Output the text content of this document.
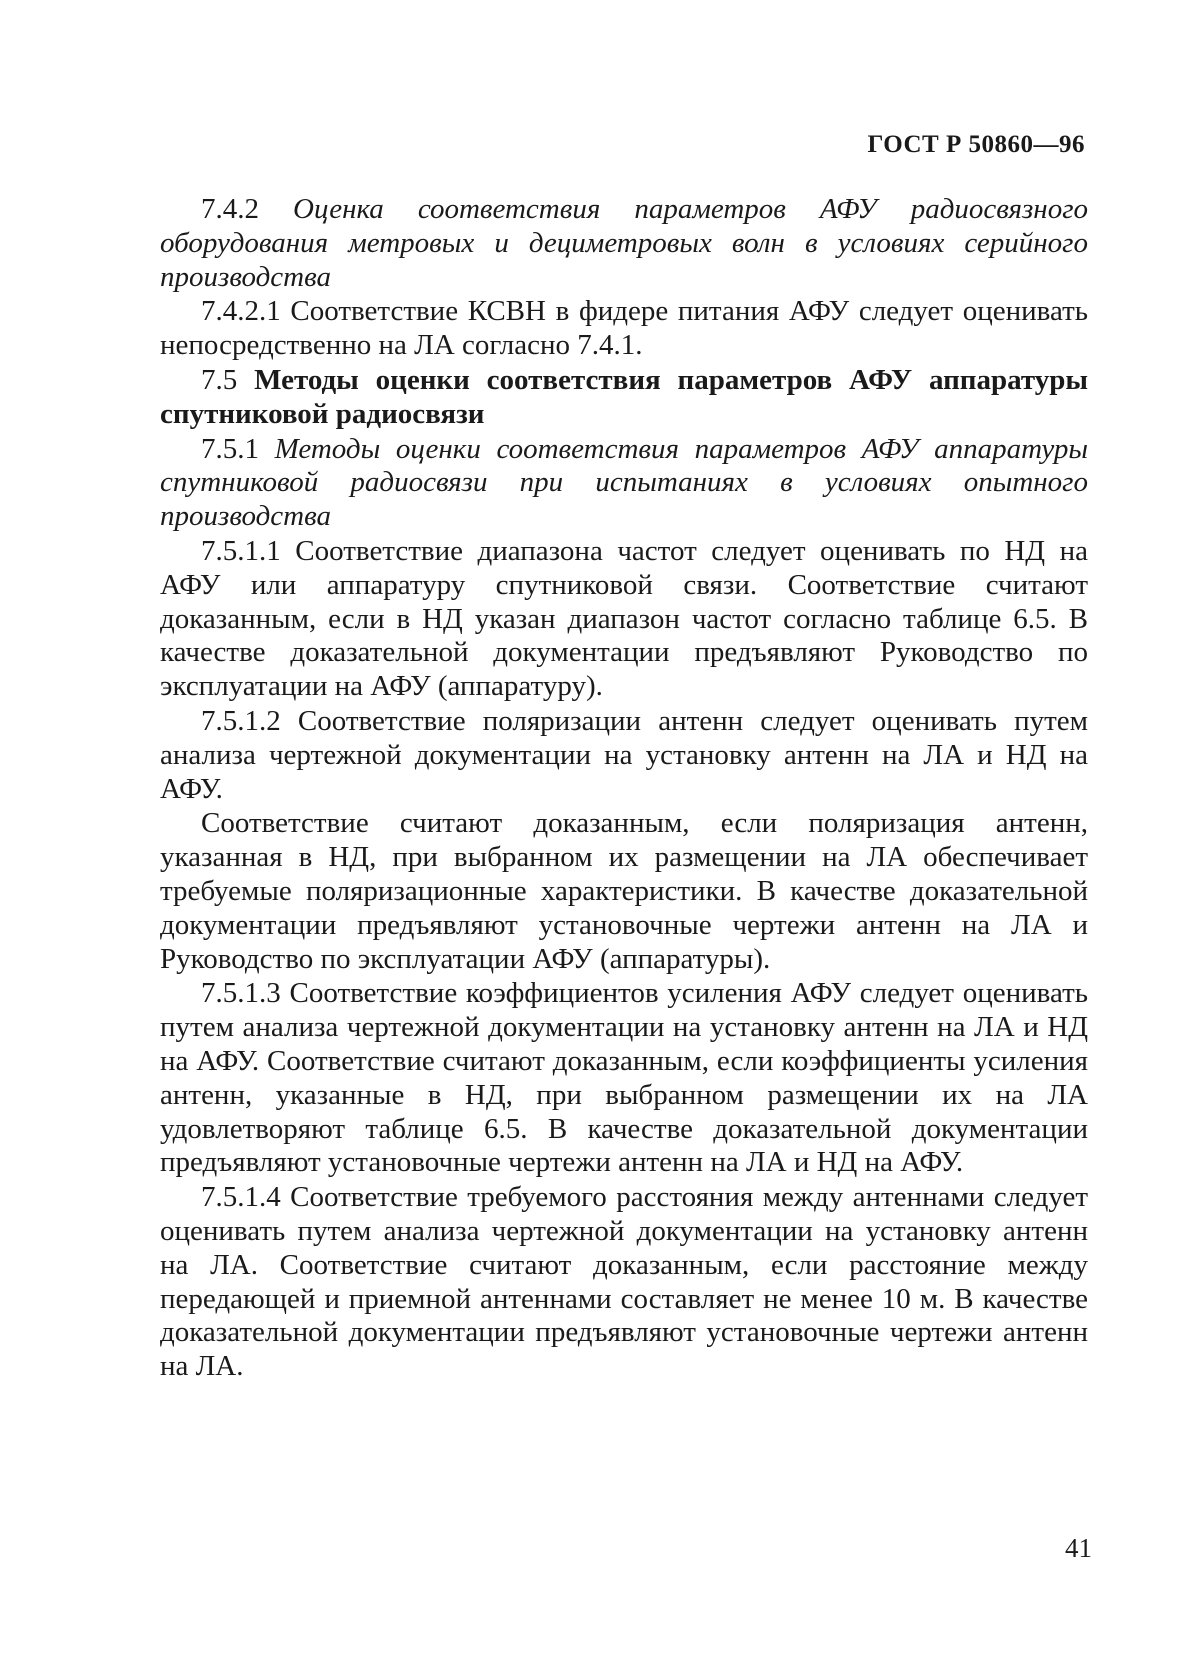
ГОСТ Р 50860—96

7.4.2 Оценка соответствия параметров АФУ радиосвязного оборудования метровых и дециметровых волн в условиях серийного производства

7.4.2.1 Соответствие КСВН в фидере питания АФУ следует оценивать непосредственно на ЛА согласно 7.4.1.

7.5 Методы оценки соответствия параметров АФУ аппаратуры спутниковой радиосвязи

7.5.1 Методы оценки соответствия параметров АФУ аппаратуры спутниковой радиосвязи при испытаниях в условиях опытного производства

7.5.1.1 Соответствие диапазона частот следует оценивать по НД на АФУ или аппаратуру спутниковой связи. Соответствие считают доказанным, если в НД указан диапазон частот согласно таблице 6.5. В качестве доказательной документации предъявляют Руководство по эксплуатации на АФУ (аппаратуру).

7.5.1.2 Соответствие поляризации антенн следует оценивать путем анализа чертежной документации на установку антенн на ЛА и НД на АФУ.

Соответствие считают доказанным, если поляризация антенн, указанная в НД, при выбранном их размещении на ЛА обеспечивает требуемые поляризационные характеристики. В качестве доказательной документации предъявляют установочные чертежи антенн на ЛА и Руководство по эксплуатации АФУ (аппаратуры).

7.5.1.3 Соответствие коэффициентов усиления АФУ следует оценивать путем анализа чертежной документации на установку антенн на ЛА и НД на АФУ. Соответствие считают доказанным, если коэффициенты усиления антенн, указанные в НД, при выбранном размещении их на ЛА удовлетворяют таблице 6.5. В качестве доказательной документации предъявляют установочные чертежи антенн на ЛА и НД на АФУ.

7.5.1.4 Соответствие требуемого расстояния между антеннами следует оценивать путем анализа чертежной документации на установку антенн на ЛА. Соответствие считают доказанным, если расстояние между передающей и приемной антеннами составляет не менее 10 м. В качестве доказательной документации предъявляют установочные чертежи антенн на ЛА.

41
